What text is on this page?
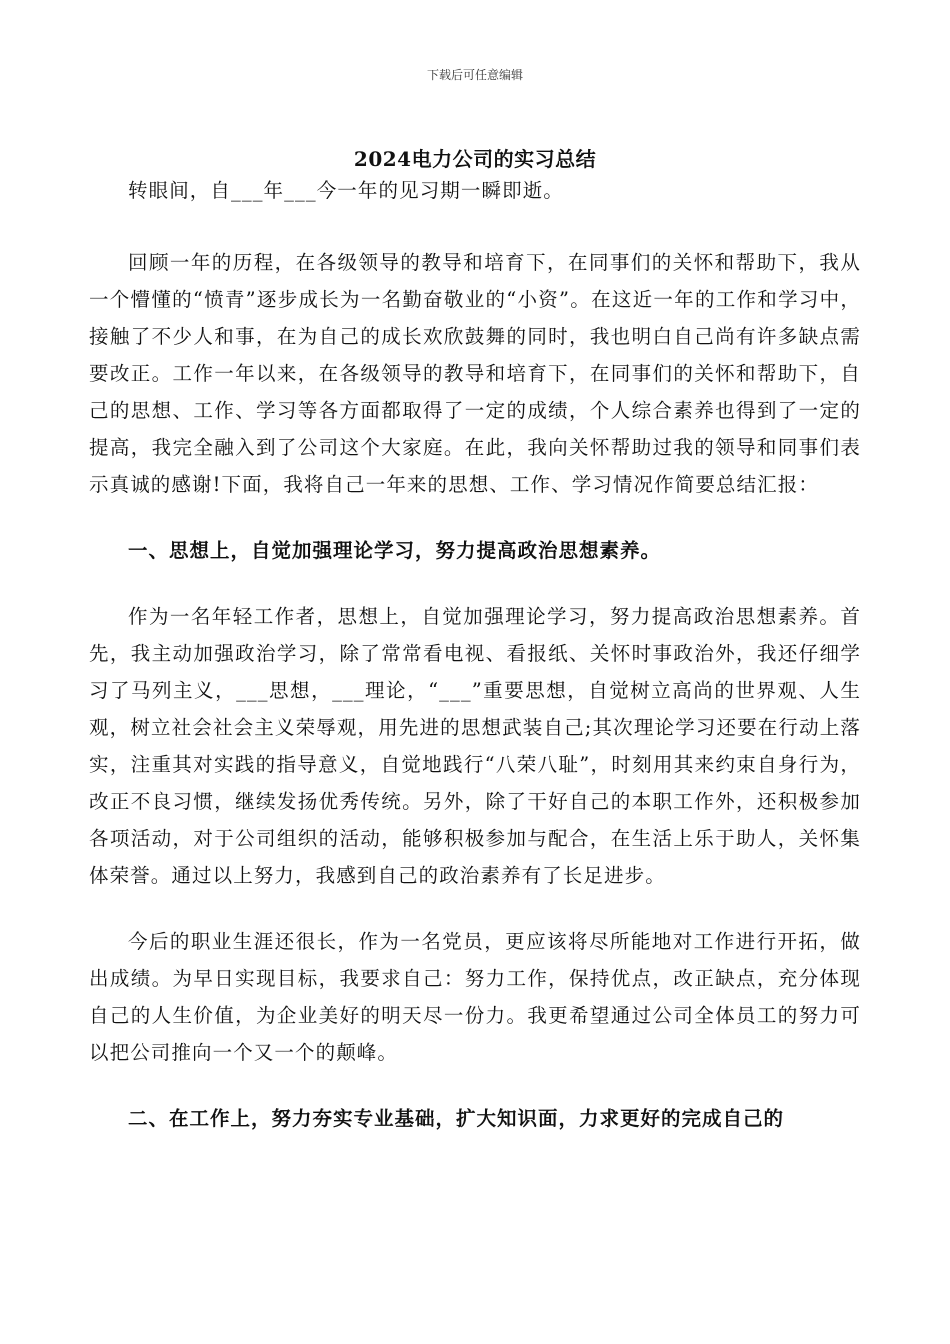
下载后可任意编辑
2024电力公司的实习总结

转眼间，自___年___今一年的见习期一瞬即逝。

回顾一年的历程，在各级领导的教导和培育下，在同事们的关怀和帮助下，我从一个懵懂的“愤青”逐步成长为一名勤奋敬业的“小资”。在这近一年的工作和学习中，接触了不少人和事，在为自己的成长欢欣鼓舞的同时，我也明白自己尚有许多缺点需要改正。工作一年以来，在各级领导的教导和培育下，在同事们的关怀和帮助下，自己的思想、工作、学习等各方面都取得了一定的成绩，个人综合素养也得到了一定的提高，我完全融入到了公司这个大家庭。在此，我向关怀帮助过我的领导和同事们表示真诚的感谢!下面，我将自己一年来的思想、工作、学习情况作简要总结汇报：

一、思想上，自觉加强理论学习，努力提高政治思想素养。

作为一名年轻工作者，思想上，自觉加强理论学习，努力提高政治思想素养。首先，我主动加强政治学习，除了常常看电视、看报纸、关怀时事政治外，我还仔细学习了马列主义，___思想，___理论，“___”重要思想，自觉树立高尚的世界观、人生观，树立社会社会主义荣辱观，用先进的思想武装自己;其次理论学习还要在行动上落实，注重其对实践的指导意义，自觉地践行“八荣八耻”，时刻用其来约束自身行为，改正不良习惯，继续发扬优秀传统。另外，除了干好自己的本职工作外，还积极参加各项活动，对于公司组织的活动，能够积极参加与配合，在生活上乐于助人，关怀集体荣誉。通过以上努力，我感到自己的政治素养有了长足进步。

今后的职业生涯还很长，作为一名党员，更应该将尽所能地对工作进行开拓，做出成绩。为早日实现目标，我要求自己：努力工作，保持优点，改正缺点，充分体现自己的人生价值，为企业美好的明天尽一份力。我更希望通过公司全体员工的努力可以把公司推向一个又一个的颠峰。

二、在工作上，努力夯实专业基础，扩大知识面，力求更好的完成自己的
